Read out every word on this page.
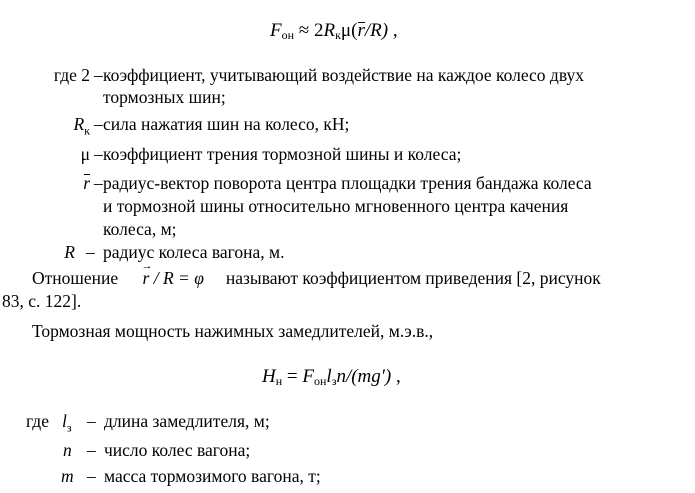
$F_{он} \approx 2R_к\mu(r/R)$ ,
где 2 – коэффициент, учитывающий воздействие на каждое колесо двух
тормозных шин;
$R_к$ – сила нажатия шин на колесо, кН;
μ – коэффициент трения тормозной шины и колеса;
r – радиус-вектор поворота центра площадки трения бандажа колеса
и тормозной шины относительно мгновенного центра качения
колеса, м;
R – радиус колеса вагона, м.
Отношение → r / R = φ называют коэффициентом приведения [2, рисунок
83, с. 122].
Тормозная мощность нажимных замедлителей, м.э.в.,
$H_н = F_{он}l_зn/(mg')$ ,
где $l_з$ – длина замедлителя, м;
n – число колес вагона;
m – масса тормозимого вагона, т;
